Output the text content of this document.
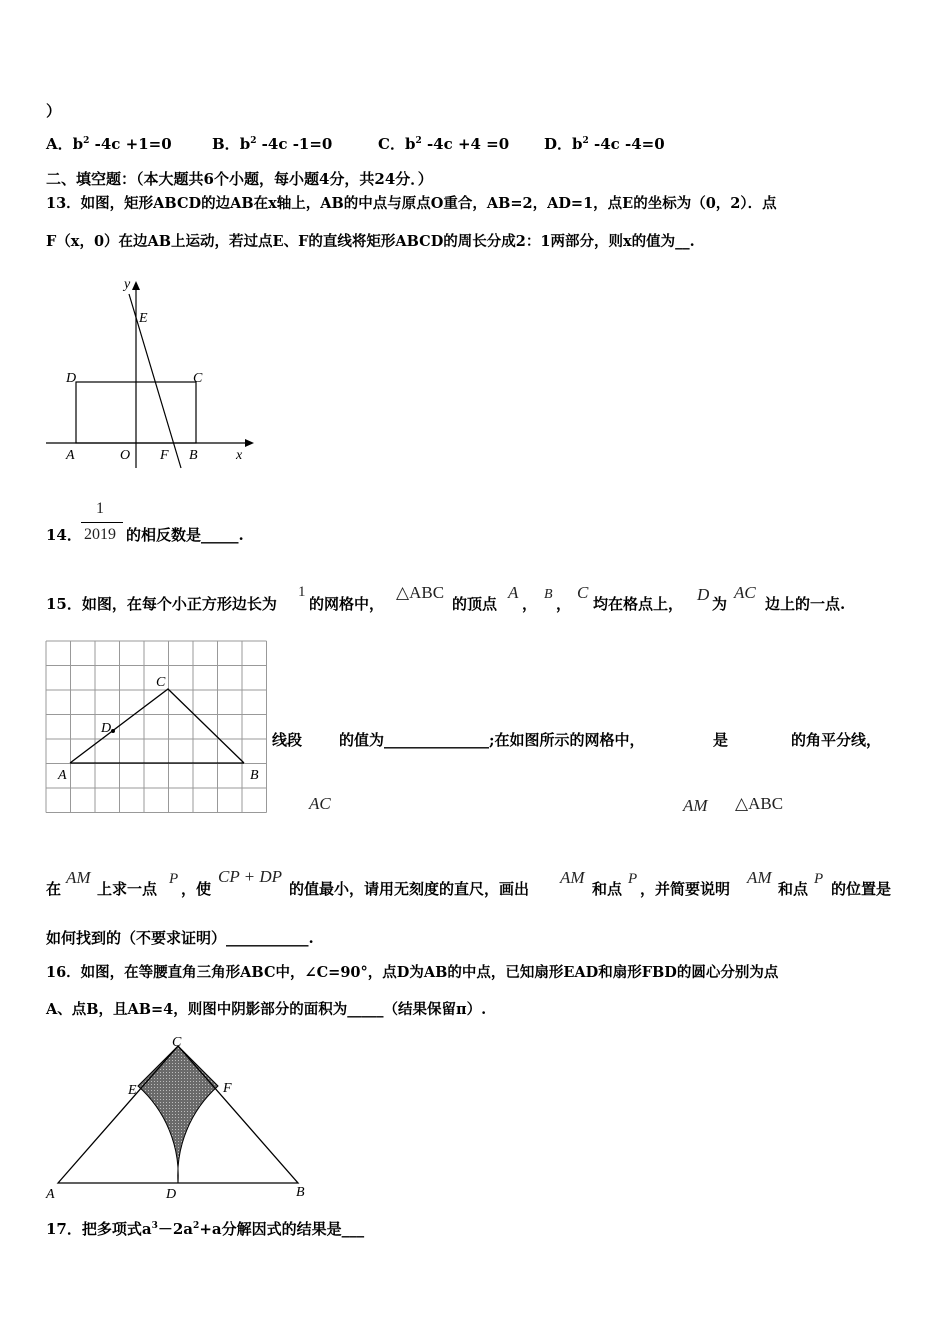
）
A．$b^2$ -4c +1=0	B．$b^2$ -4c -1=0	C．$b^2$ -4c +4 =0 D．$b^2$ -4c -4=0
二、填空题：（本大题共6个小题，每小题4分，共24分．）
13．如图，矩形ABCD的边AB在x轴上，AB的中点与原点O重合，AB=2，AD=1，点E的坐标为（0，2）．点
F（x，0）在边AB上运动，若过点E、F的直线将矩形ABCD的周长分成2：1两部分，则x的值为__.
y
E
D	C
A	O F B	x
14．
1
2019 的相反数是_____.
15．如图，在每个小正方形边长为
1
的网格中，
△ABC
的顶点
A
，
B
，
C
均在格点上， D 为
AC
边上的一点.
A	B
C
D
线段 的值为______________;在如图所示的网格中，	是	的角平分线，
AC	AM △ABC
在
AM
上求一点
P
，使
CP + DP
的值最小，请用无刻度的直尺，画出
AM
和点
P
，并简要说明
AM
和点
P
的位置是
如何找到的（不要求证明）___________.
16．如图，在等腰直角三角形ABC中，∠C=90°，点D为AB的中点，已知扇形EAD和扇形FBD的圆心分别为点
A、点B，且AB=4，则图中阴影部分的面积为_____（结果保留π）.
C
E	F
A	D	B
17．把多项式$a^3-2a^2+a$分解因式的结果是___
